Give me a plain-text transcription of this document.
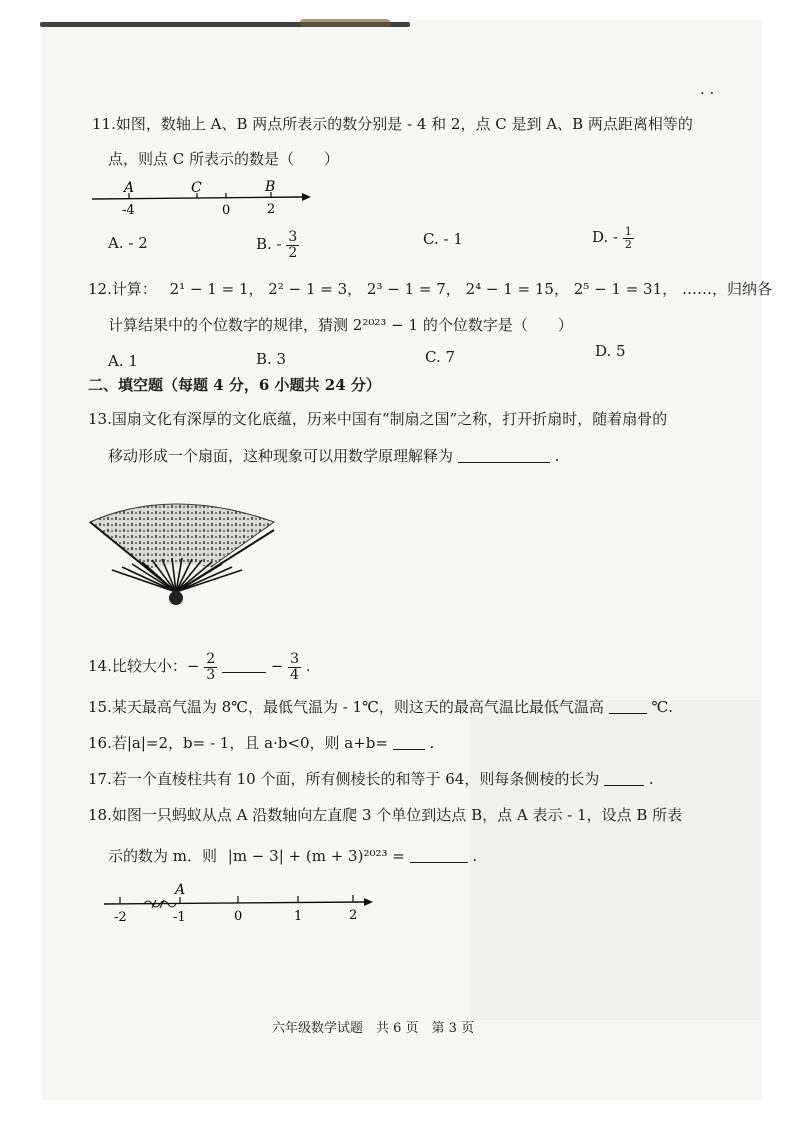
· ·
11.如图，数轴上 A、B 两点所表示的数分别是 - 4 和 2，点 C 是到 A、B 两点距离相等的
点，则点 C 所表示的数是（　　）
A	C	B
-4	0	2
A. - 2	B. - $\frac{3}{2}$	C. - 1	D. - $\frac{1}{2}$
12.计算： 2¹ − 1 = 1， 2² − 1 = 3， 2³ − 1 = 7， 2⁴ − 1 = 15， 2⁵ − 1 = 31， ……，归纳各
计算结果中的个位数字的规律，猜测 2²⁰²³ − 1 的个位数字是（　　）
A. 1	B. 3	C. 7	D. 5
二、填空题（每题 4 分，6 小题共 24 分）
13.国扇文化有深厚的文化底蕴，历来中国有“制扇之国”之称，打开折扇时，随着扇骨的
移动形成一个扇面，这种现象可以用数学原理解释为	.
14.比较大小：− $\frac{2}{3}$	− $\frac{3}{4}$ .
15.某天最高气温为 8℃，最低气温为 - 1℃，则这天的最高气温比最低气温高	℃.
16.若|a|=2，b= - 1，且 a·b<0，则 a+b=	.
17.若一个直棱柱共有 10 个面，所有侧棱长的和等于 64，则每条侧棱的长为	.
18.如图一只蚂蚁从点 A 沿数轴向左直爬 3 个单位到达点 B，点 A 表示 - 1，设点 B 所表
示的数为 m．则 |m − 3| + (m + 3)²⁰²³ =	.
A
-2	-1	0	1	2
六年级数学试题　共 6 页　第 3 页
